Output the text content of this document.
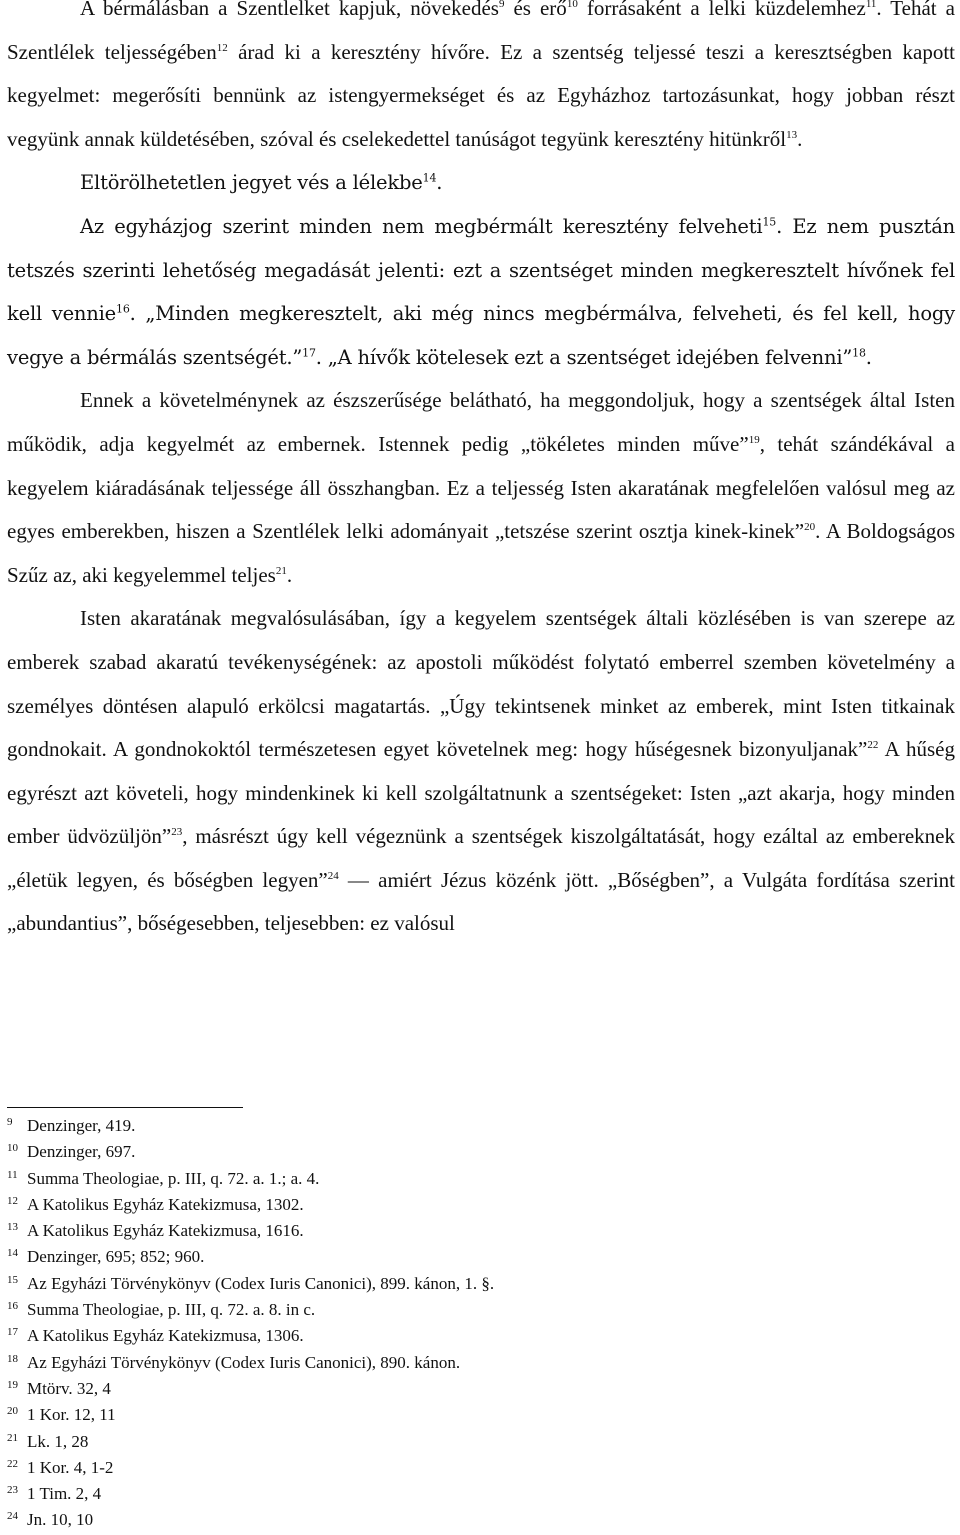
A bérmálásban a Szentlelket kapjuk, növekedés$^9$ és erő$^{10}$ forrásaként a lelki küzdelemhez$^{11}$. Tehát a Szentlélek teljességében$^{12}$ árad ki a keresztény hívőre. Ez a szentség teljessé teszi a keresztségben kapott kegyelmet: megerősíti bennünk az istengyermekséget és az Egyházhoz tartozásunkat, hogy jobban részt vegyünk annak küldetésében, szóval és cselekedettel tanúságot tegyünk keresztény hitünkről$^{13}$.

Eltörölhetetlen jegyet vés a lélekbe$^{14}$.

Az egyházjog szerint minden nem megbérmált keresztény felveheti$^{15}$. Ez nem pusztán tetszés szerinti lehetőség megadását jelenti: ezt a szentséget minden megkeresztelt hívőnek fel kell vennie$^{16}$. „Minden megkeresztelt, aki még nincs megbérmálva, felveheti, és fel kell, hogy vegye a bérmálás szentségét.”$^{17}$. „A hívők kötelesek ezt a szentséget idejében felvenni”$^{18}$.

Ennek a követelménynek az észszerűsége belátható, ha meggondoljuk, hogy a szentségek által Isten működik, adja kegyelmét az embernek. Istennek pedig „tökéletes minden műve”$^{19}$, tehát szándékával a kegyelem kiáradásának teljessége áll összhangban. Ez a teljesség Isten akaratának megfelelően valósul meg az egyes emberekben, hiszen a Szentlélek lelki adományait „tetszése szerint osztja kinek-kinek”$^{20}$. A Boldogságos Szűz az, aki kegyelemmel teljes$^{21}$.

Isten akaratának megvalósulásában, így a kegyelem szentségek általi közlésében is van szerepe az emberek szabad akaratú tevékenységének: az apostoli működést folytató emberrel szemben követelmény a személyes döntésen alapuló erkölcsi magatartás. „Úgy tekintsenek minket az emberek, mint Isten titkainak gondnokait. A gondnokoktól természetesen egyet követelnek meg: hogy hűségesnek bizonyuljanak”$^{22}$ A hűség egyrészt azt követeli, hogy mindenkinek ki kell szolgáltatnunk a szentségeket: Isten „azt akarja, hogy minden ember üdvözüljön”$^{23}$, másrészt úgy kell végeznünk a szentségek kiszolgáltatását, hogy ezáltal az embereknek „életük legyen, és bőségben legyen”$^{24}$ — amiért Jézus közénk jött. „Bőségben”, a Vulgáta fordítása szerint „abundantius”, bőségesebben, teljesebben: ez valósul

9 Denzinger, 419.
10 Denzinger, 697.
11 Summa Theologiae, p. III, q. 72. a. 1.; a. 4.
12 A Katolikus Egyház Katekizmusa, 1302.
13 A Katolikus Egyház Katekizmusa, 1616.
14 Denzinger, 695; 852; 960.
15 Az Egyházi Törvénykönyv (Codex Iuris Canonici), 899. kánon, 1. §.
16 Summa Theologiae, p. III, q. 72. a. 8. in c.
17 A Katolikus Egyház Katekizmusa, 1306.
18 Az Egyházi Törvénykönyv (Codex Iuris Canonici), 890. kánon.
19 Mtörv. 32, 4
20 1 Kor. 12, 11
21 Lk. 1, 28
22 1 Kor. 4, 1-2
23 1 Tim. 2, 4
24 Jn. 10, 10
